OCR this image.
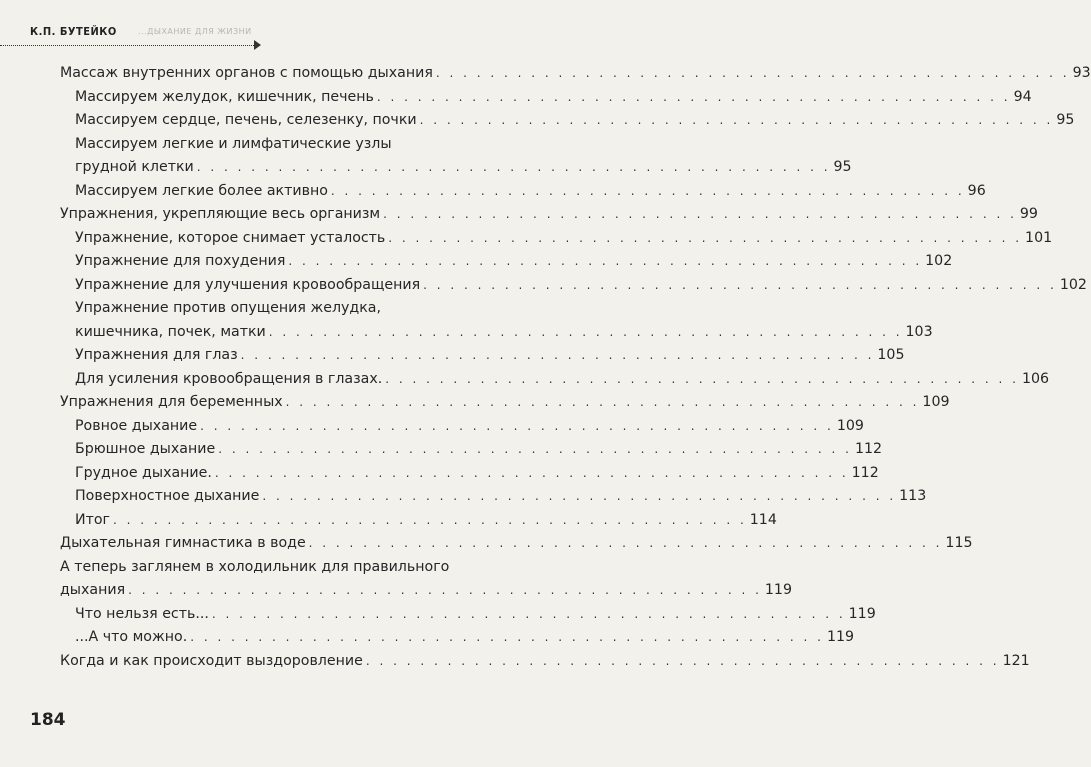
К.П. БУТЕЙКО	...ДЫХАНИЕ ДЛЯ ЖИЗНИ
Массаж внутренних органов с помощью дыхания . . . . . . . . . . . . . . . . . . . . . . . . . . . . . . . . . . . . . . . . . . . . . . . 93
Массируем желудок, кишечник, печень . . . . . . . . . . . . . . . . . . . . . . . . . . . . . . . . . . . . . . . . . . . . . . . 94
Массируем сердце, печень, селезенку, почки . . . . . . . . . . . . . . . . . . . . . . . . . . . . . . . . . . . . . . . . . . . . . . . 95
Массируем легкие и лимфатические узлы
грудной клетки . . . . . . . . . . . . . . . . . . . . . . . . . . . . . . . . . . . . . . . . . . . . . . . 95
Массируем легкие более активно . . . . . . . . . . . . . . . . . . . . . . . . . . . . . . . . . . . . . . . . . . . . . . . 96
Упражнения, укрепляющие весь организм . . . . . . . . . . . . . . . . . . . . . . . . . . . . . . . . . . . . . . . . . . . . . . . 99
Упражнение, которое снимает усталость . . . . . . . . . . . . . . . . . . . . . . . . . . . . . . . . . . . . . . . . . . . . . . . 101
Упражнение для похудения . . . . . . . . . . . . . . . . . . . . . . . . . . . . . . . . . . . . . . . . . . . . . . . 102
Упражнение для улучшения кровообращения . . . . . . . . . . . . . . . . . . . . . . . . . . . . . . . . . . . . . . . . . . . . . . . 102
Упражнение против опущения желудка,
кишечника, почек, матки . . . . . . . . . . . . . . . . . . . . . . . . . . . . . . . . . . . . . . . . . . . . . . . 103
Упражнения для глаз . . . . . . . . . . . . . . . . . . . . . . . . . . . . . . . . . . . . . . . . . . . . . . . 105
Для усиления кровообращения в глазах. . . . . . . . . . . . . . . . . . . . . . . . . . . . . . . . . . . . . . . . . . . . . . . . 106
Упражнения для беременных . . . . . . . . . . . . . . . . . . . . . . . . . . . . . . . . . . . . . . . . . . . . . . . 109
Ровное дыхание . . . . . . . . . . . . . . . . . . . . . . . . . . . . . . . . . . . . . . . . . . . . . . . 109
Брюшное дыхание . . . . . . . . . . . . . . . . . . . . . . . . . . . . . . . . . . . . . . . . . . . . . . . 112
Грудное дыхание. . . . . . . . . . . . . . . . . . . . . . . . . . . . . . . . . . . . . . . . . . . . . . . . 112
Поверхностное дыхание . . . . . . . . . . . . . . . . . . . . . . . . . . . . . . . . . . . . . . . . . . . . . . . 113
Итог . . . . . . . . . . . . . . . . . . . . . . . . . . . . . . . . . . . . . . . . . . . . . . . 114
Дыхательная гимнастика в воде . . . . . . . . . . . . . . . . . . . . . . . . . . . . . . . . . . . . . . . . . . . . . . . 115
А теперь заглянем в холодильник для правильного
дыхания . . . . . . . . . . . . . . . . . . . . . . . . . . . . . . . . . . . . . . . . . . . . . . . 119
Что нельзя есть... . . . . . . . . . . . . . . . . . . . . . . . . . . . . . . . . . . . . . . . . . . . . . . . 119
...А что можно. . . . . . . . . . . . . . . . . . . . . . . . . . . . . . . . . . . . . . . . . . . . . . . . 119
Когда и как происходит выздоровление . . . . . . . . . . . . . . . . . . . . . . . . . . . . . . . . . . . . . . . . . . . . . . . 121
184
